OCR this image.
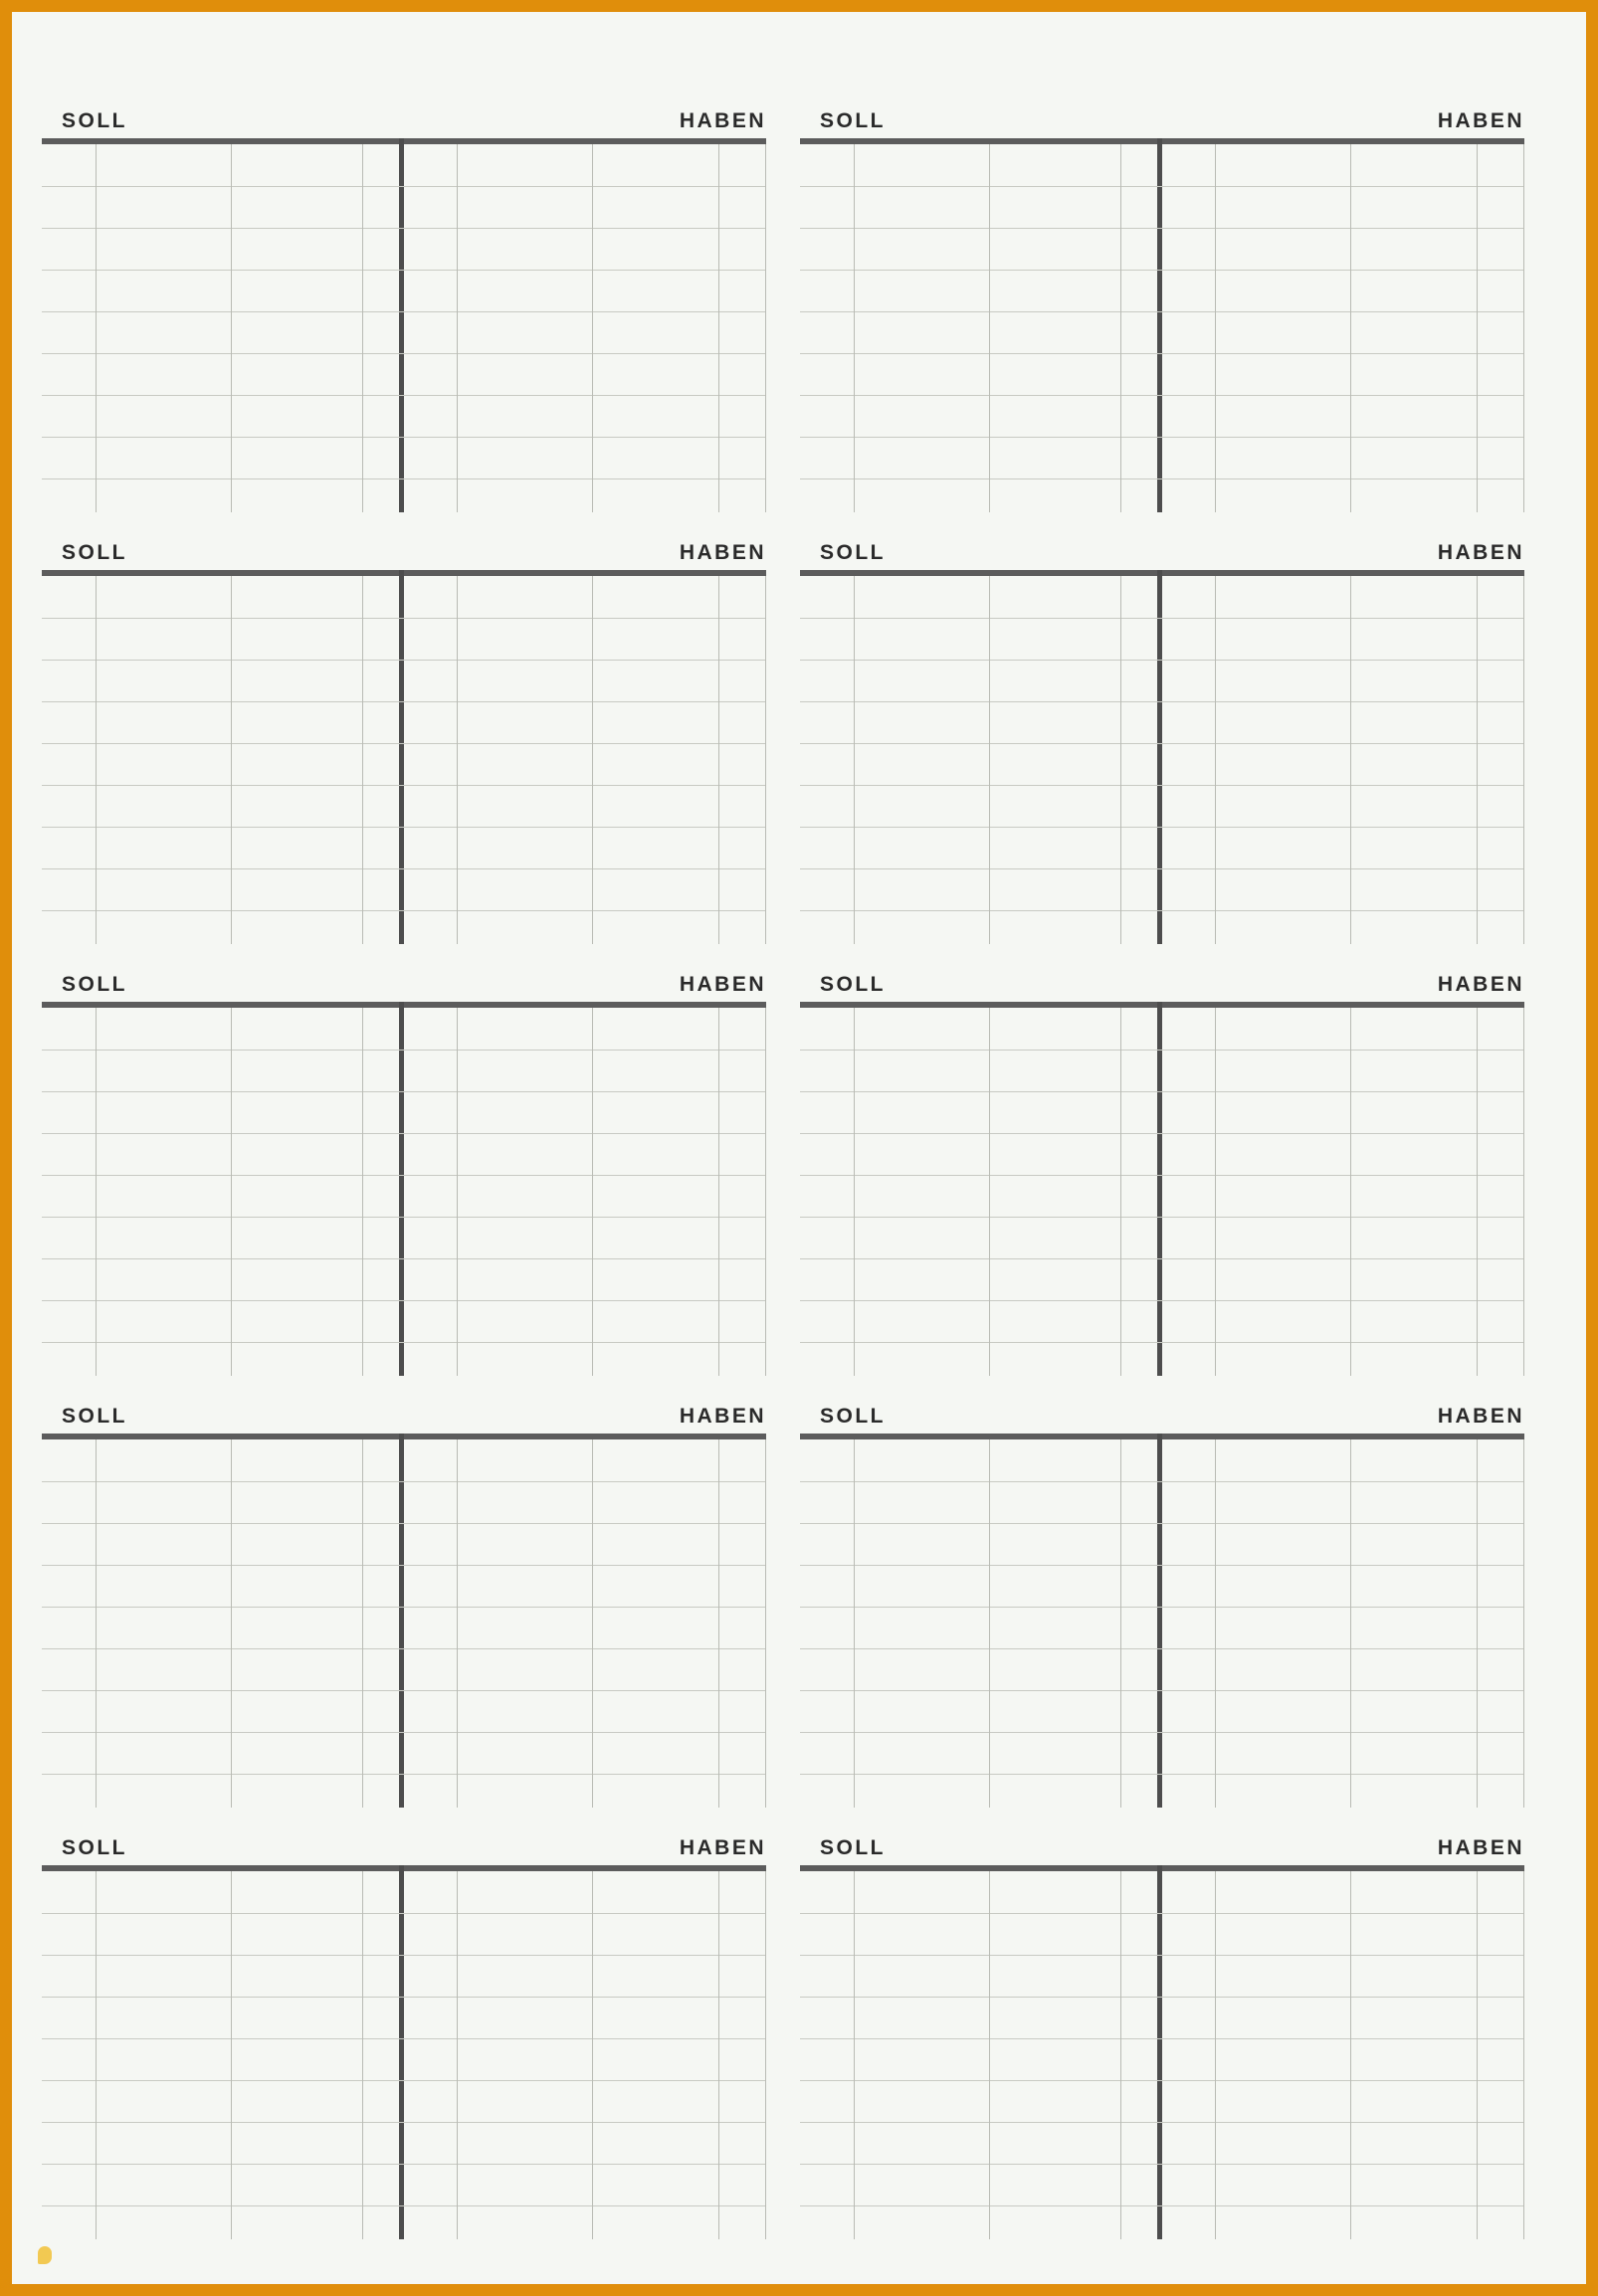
SOLL	HABEN	SOLL	HABEN
SOLL	HABEN	SOLL	HABEN
SOLL	HABEN	SOLL	HABEN
SOLL	HABEN	SOLL	HABEN
SOLL	HABEN	SOLL	HABEN
